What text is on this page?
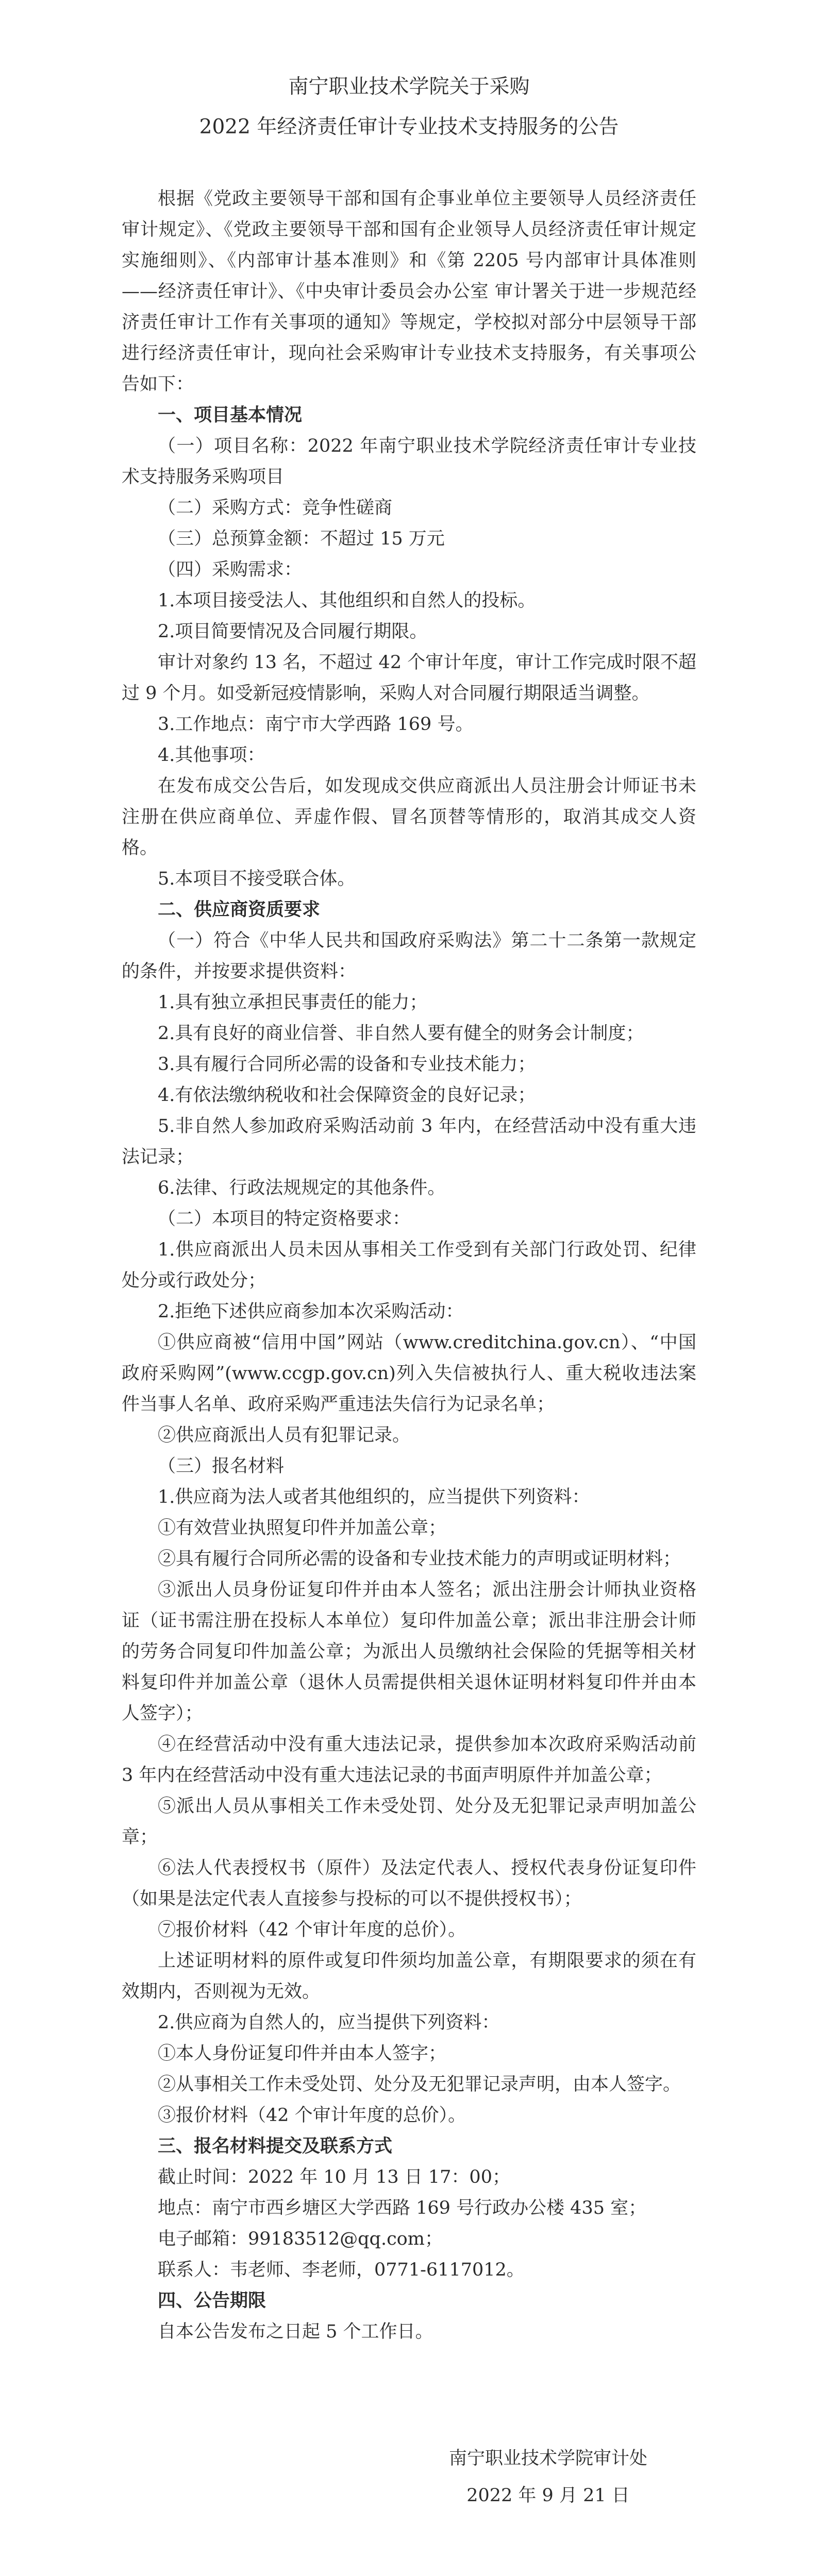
南宁职业技术学院关于采购

2022 年经济责任审计专业技术支持服务的公告

根据《党政主要领导干部和国有企事业单位主要领导人员经济责任审计规定》、《党政主要领导干部和国有企业领导人员经济责任审计规定实施细则》、《内部审计基本准则》和《第 2205 号内部审计具体准则——经济责任审计》、《中央审计委员会办公室 审计署关于进一步规范经济责任审计工作有关事项的通知》等规定，学校拟对部分中层领导干部进行经济责任审计，现向社会采购审计专业技术支持服务，有关事项公告如下：

一、项目基本情况

（一）项目名称：2022 年南宁职业技术学院经济责任审计专业技术支持服务采购项目

（二）采购方式：竞争性磋商

（三）总预算金额：不超过 15 万元

（四）采购需求：

1.本项目接受法人、其他组织和自然人的投标。

2.项目简要情况及合同履行期限。

审计对象约 13 名，不超过 42 个审计年度，审计工作完成时限不超过 9 个月。如受新冠疫情影响，采购人对合同履行期限适当调整。

3.工作地点：南宁市大学西路 169 号。

4.其他事项：

在发布成交公告后，如发现成交供应商派出人员注册会计师证书未注册在供应商单位、弄虚作假、冒名顶替等情形的，取消其成交人资格。

5.本项目不接受联合体。

二、供应商资质要求

（一）符合《中华人民共和国政府采购法》第二十二条第一款规定的条件，并按要求提供资料：

1.具有独立承担民事责任的能力；

2.具有良好的商业信誉、非自然人要有健全的财务会计制度；

3.具有履行合同所必需的设备和专业技术能力；

4.有依法缴纳税收和社会保障资金的良好记录；

5.非自然人参加政府采购活动前 3 年内，在经营活动中没有重大违法记录；

6.法律、行政法规规定的其他条件。

（二）本项目的特定资格要求：

1.供应商派出人员未因从事相关工作受到有关部门行政处罚、纪律处分或行政处分；

2.拒绝下述供应商参加本次采购活动：

①供应商被“信用中国”网站（www.creditchina.gov.cn）、“中国政府采购网”(www.ccgp.gov.cn)列入失信被执行人、重大税收违法案件当事人名单、政府采购严重违法失信行为记录名单；

②供应商派出人员有犯罪记录。

（三）报名材料

1.供应商为法人或者其他组织的，应当提供下列资料：

①有效营业执照复印件并加盖公章；

②具有履行合同所必需的设备和专业技术能力的声明或证明材料；

③派出人员身份证复印件并由本人签名；派出注册会计师执业资格证（证书需注册在投标人本单位）复印件加盖公章；派出非注册会计师的劳务合同复印件加盖公章；为派出人员缴纳社会保险的凭据等相关材料复印件并加盖公章（退休人员需提供相关退休证明材料复印件并由本人签字）；

④在经营活动中没有重大违法记录，提供参加本次政府采购活动前 3 年内在经营活动中没有重大违法记录的书面声明原件并加盖公章；

⑤派出人员从事相关工作未受处罚、处分及无犯罪记录声明加盖公章；

⑥法人代表授权书（原件）及法定代表人、授权代表身份证复印件（如果是法定代表人直接参与投标的可以不提供授权书）；

⑦报价材料（42 个审计年度的总价）。

上述证明材料的原件或复印件须均加盖公章，有期限要求的须在有效期内，否则视为无效。

2.供应商为自然人的，应当提供下列资料：

①本人身份证复印件并由本人签字；

②从事相关工作未受处罚、处分及无犯罪记录声明，由本人签字。

③报价材料（42 个审计年度的总价）。

三、报名材料提交及联系方式

截止时间：2022 年 10 月 13 日 17：00；

地点：南宁市西乡塘区大学西路 169 号行政办公楼 435 室；

电子邮箱：99183512@qq.com；

联系人：韦老师、李老师，0771-6117012。

四、公告期限

自本公告发布之日起 5 个工作日。

南宁职业技术学院审计处

2022 年 9 月 21 日
